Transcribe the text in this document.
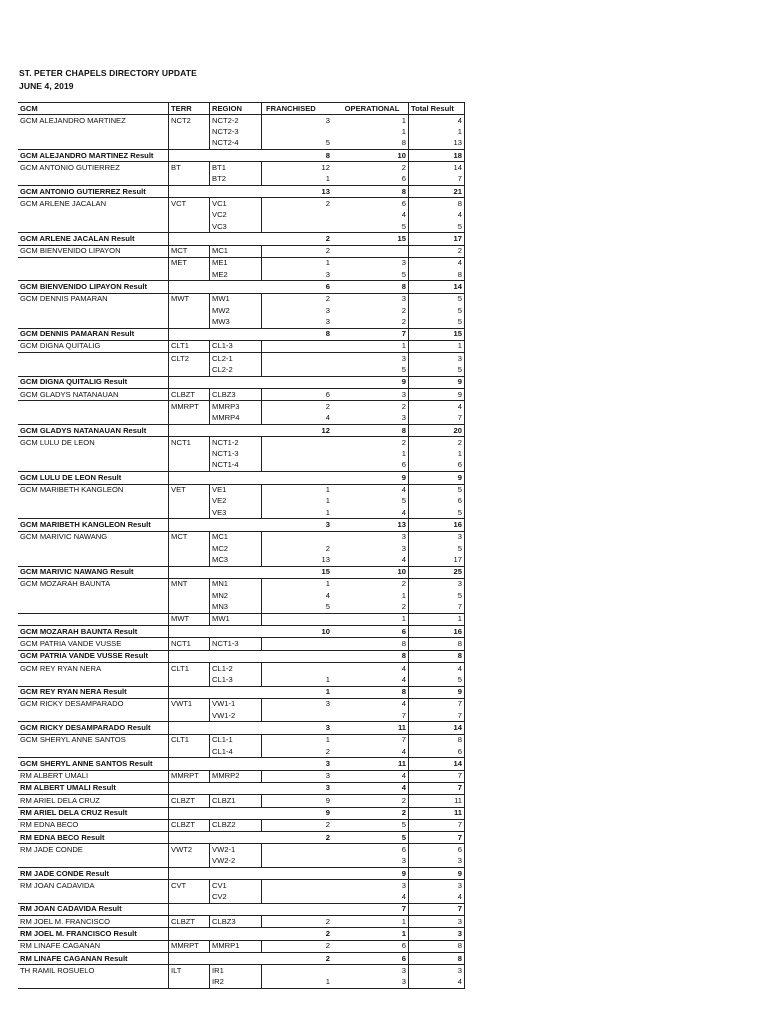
ST. PETER CHAPELS DIRECTORY UPDATE
JUNE 4, 2019
GCM	TERR	REGION	FRANCHISED	OPERATIONAL	Total Result
GCM ALEJANDRO MARTINEZ	NCT2	NCT2-2	3	1	4
		NCT2-3		1	1
		NCT2-4	5	8	13
GCM ALEJANDRO MARTINEZ Result			8	10	18
GCM ANTONIO GUTIERREZ	BT	BT1	12	2	14
		BT2	1	6	7
GCM ANTONIO GUTIERREZ Result			13	8	21
GCM ARLENE JACALAN	VCT	VC1	2	6	8
		VC2		4	4
		VC3		5	5
GCM ARLENE JACALAN Result			2	15	17
GCM BIENVENIDO LIPAYON	MCT	MC1	2		2
	MET	ME1	1	3	4
		ME2	3	5	8
GCM BIENVENIDO LIPAYON Result			6	8	14
GCM DENNIS PAMARAN	MWT	MW1	2	3	5
		MW2	3	2	5
		MW3	3	2	5
GCM DENNIS PAMARAN Result			8	7	15
GCM DIGNA QUITALIG	CLT1	CL1-3		1	1
	CLT2	CL2-1		3	3
		CL2-2		5	5
GCM DIGNA QUITALIG Result				9	9
GCM GLADYS NATANAUAN	CLBZT	CLBZ3	6	3	9
	MMRPT	MMRP3	2	2	4
		MMRP4	4	3	7
GCM GLADYS NATANAUAN Result			12	8	20
GCM LULU DE LEON	NCT1	NCT1-2		2	2
		NCT1-3		1	1
		NCT1-4		6	6
GCM LULU DE LEON Result				9	9
GCM MARIBETH KANGLEON	VET	VE1	1	4	5
		VE2	1	5	6
		VE3	1	4	5
GCM MARIBETH KANGLEON Result			3	13	16
GCM MARIVIC NAWANG	MCT	MC1		3	3
		MC2	2	3	5
		MC3	13	4	17
GCM MARIVIC NAWANG Result			15	10	25
GCM MOZARAH BAUNTA	MNT	MN1	1	2	3
		MN2	4	1	5
		MN3	5	2	7
	MWT	MW1		1	1
GCM MOZARAH BAUNTA Result			10	6	16
GCM PATRIA VANDE VUSSE	NCT1	NCT1-3		8	8
GCM PATRIA VANDE VUSSE Result				8	8
GCM REY RYAN NERA	CLT1	CL1-2		4	4
		CL1-3	1	4	5
GCM REY RYAN NERA Result			1	8	9
GCM RICKY DESAMPARADO	VWT1	VW1-1	3	4	7
		VW1-2		7	7
GCM RICKY DESAMPARADO Result			3	11	14
GCM SHERYL ANNE SANTOS	CLT1	CL1-1	1	7	8
		CL1-4	2	4	6
GCM SHERYL ANNE SANTOS Result			3	11	14
RM ALBERT UMALI	MMRPT	MMRP2	3	4	7
RM ALBERT UMALI Result			3	4	7
RM ARIEL DELA CRUZ	CLBZT	CLBZ1	9	2	11
RM ARIEL DELA CRUZ Result			9	2	11
RM EDNA BECO	CLBZT	CLBZ2	2	5	7
RM EDNA BECO Result			2	5	7
RM JADE CONDE	VWT2	VW2-1		6	6
		VW2-2		3	3
RM JADE CONDE Result				9	9
RM JOAN CADAVIDA	CVT	CV1		3	3
		CV2		4	4
RM JOAN CADAVIDA Result				7	7
RM JOEL M. FRANCISCO	CLBZT	CLBZ3	2	1	3
RM JOEL M. FRANCISCO Result			2	1	3
RM LINAFE CAGANAN	MMRPT	MMRP1	2	6	8
RM LINAFE CAGANAN Result			2	6	8
TH RAMIL ROSUELO	ILT	IR1		3	3
		IR2	1	3	4
